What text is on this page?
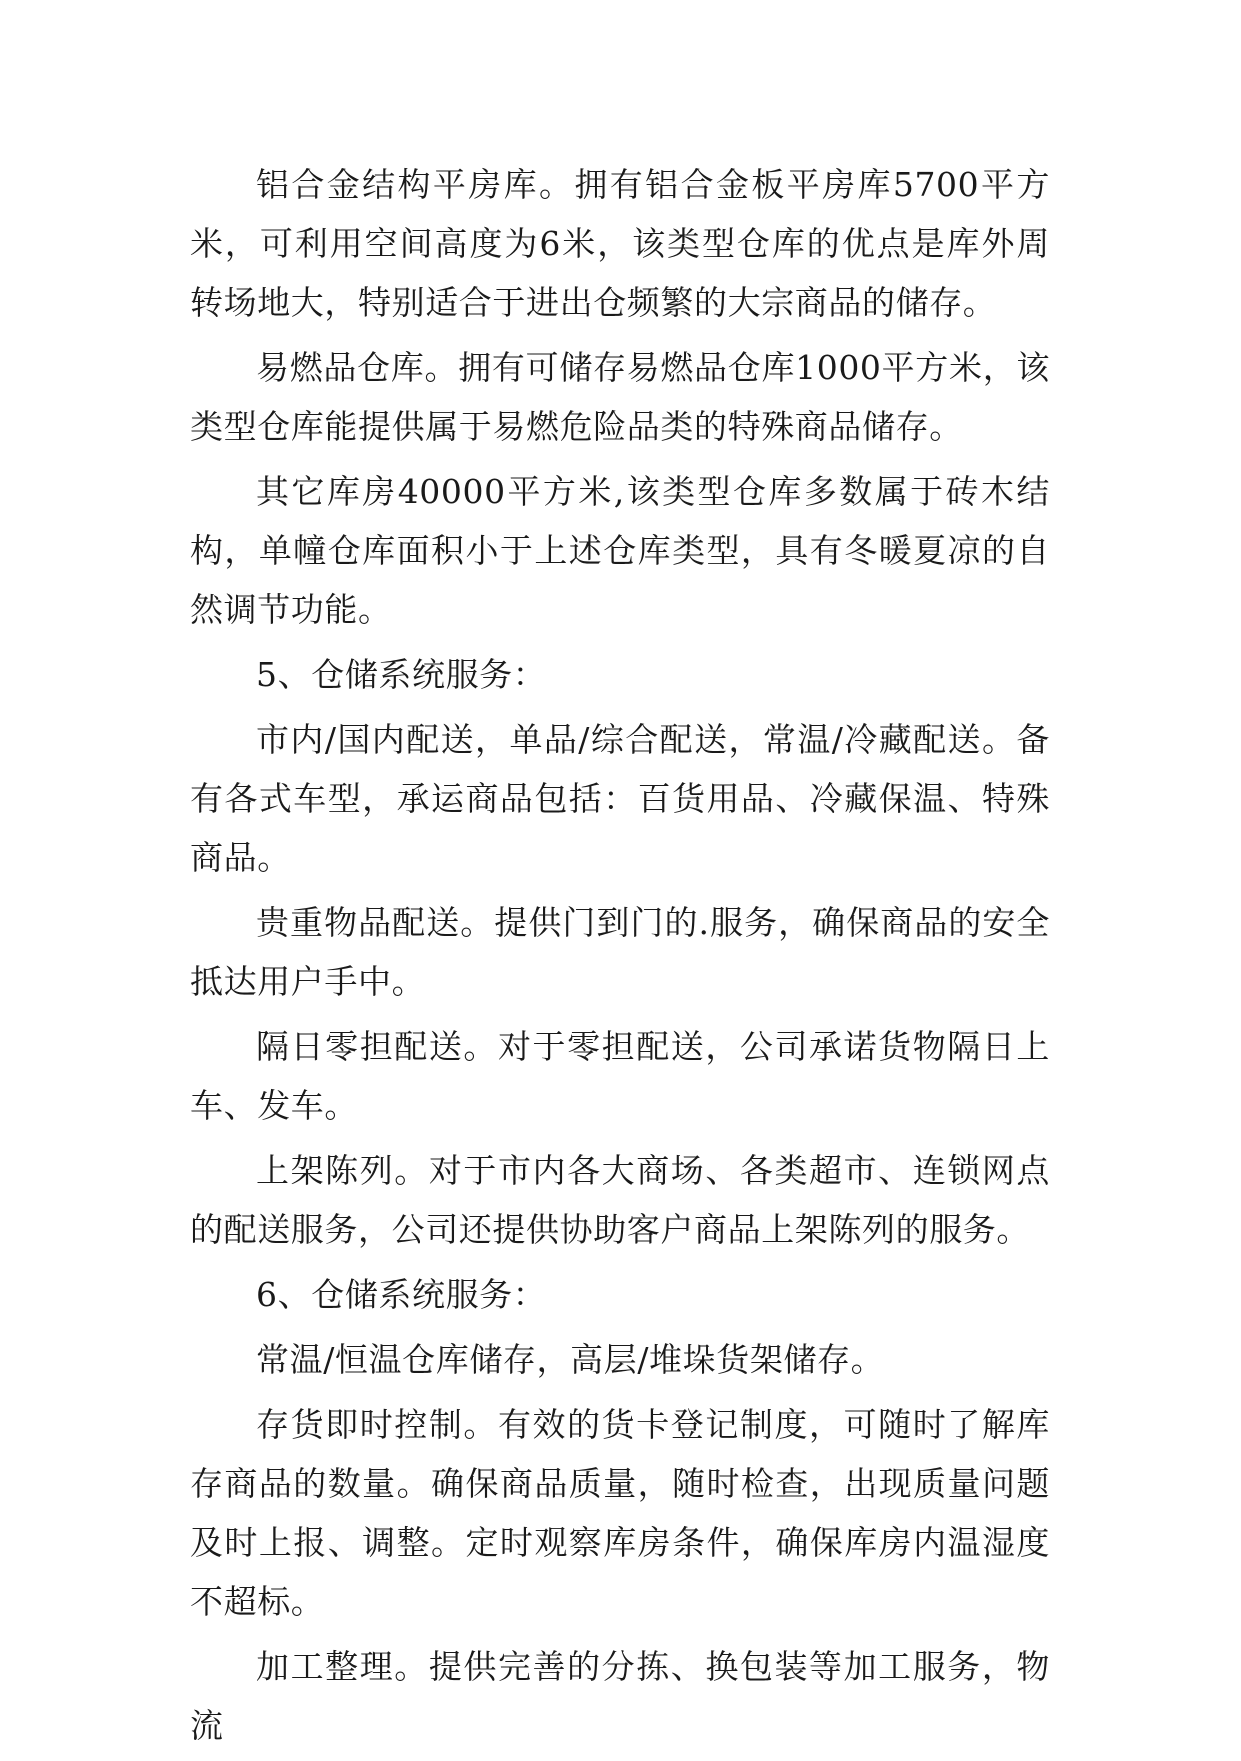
铝合金结构平房库。拥有铝合金板平房库5700平方米，可利用空间高度为6米，该类型仓库的优点是库外周转场地大，特别适合于进出仓频繁的大宗商品的储存。

易燃品仓库。拥有可储存易燃品仓库1000平方米，该类型仓库能提供属于易燃危险品类的特殊商品储存。

其它库房40000平方米,该类型仓库多数属于砖木结构，单幢仓库面积小于上述仓库类型，具有冬暖夏凉的自然调节功能。

5、仓储系统服务：

市内/国内配送，单品/综合配送，常温/冷藏配送。备有各式车型，承运商品包括：百货用品、冷藏保温、特殊商品。

贵重物品配送。提供门到门的.服务，确保商品的安全抵达用户手中。

隔日零担配送。对于零担配送，公司承诺货物隔日上车、发车。

上架陈列。对于市内各大商场、各类超市、连锁网点的配送服务，公司还提供协助客户商品上架陈列的服务。

6、仓储系统服务：

常温/恒温仓库储存，高层/堆垛货架储存。

存货即时控制。有效的货卡登记制度，可随时了解库存商品的数量。确保商品质量，随时检查，出现质量问题及时上报、调整。定时观察库房条件，确保库房内温湿度不超标。

加工整理。提供完善的分拣、换包装等加工服务，物流
